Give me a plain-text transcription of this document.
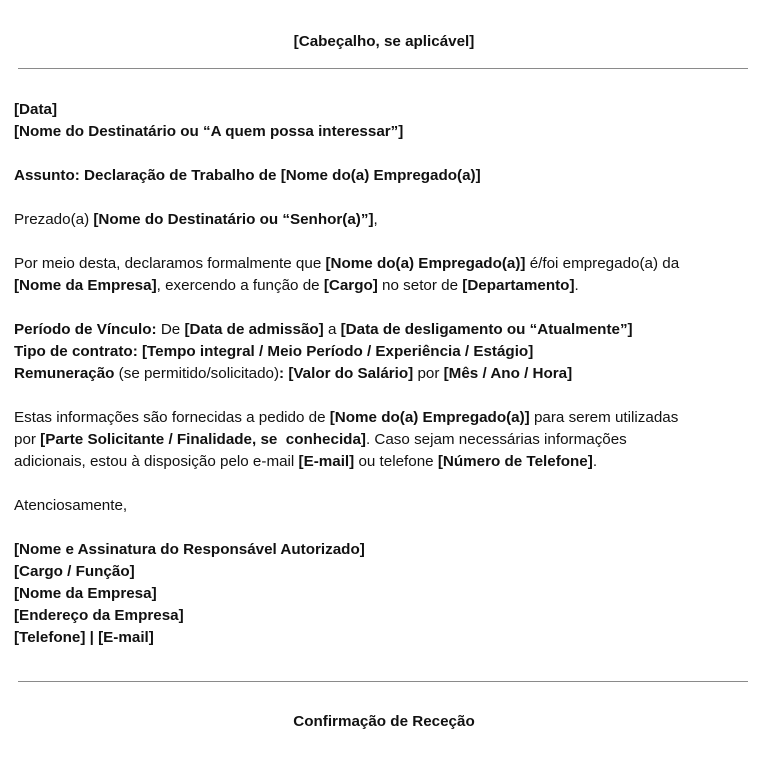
[Cabeçalho, se aplicável]
[Data]
[Nome do Destinatário ou “A quem possa interessar”]
Assunto: Declaração de Trabalho de [Nome do(a) Empregado(a)]
Prezado(a) [Nome do Destinatário ou “Senhor(a)”],
Por meio desta, declaramos formalmente que [Nome do(a) Empregado(a)] é/foi empregado(a) da
[Nome da Empresa], exercendo a função de [Cargo] no setor de [Departamento].
Período de Vínculo: De [Data de admissão] a [Data de desligamento ou “Atualmente”]
Tipo de contrato: [Tempo integral / Meio Período / Experiência / Estágio]
Remuneração (se permitido/solicitado): [Valor do Salário] por [Mês / Ano / Hora]
Estas informações são fornecidas a pedido de [Nome do(a) Empregado(a)] para serem utilizadas
por [Parte Solicitante / Finalidade, se  conhecida]. Caso sejam necessárias informações
adicionais, estou à disposição pelo e-mail [E-mail] ou telefone [Número de Telefone].
Atenciosamente,
[Nome e Assinatura do Responsável Autorizado]
[Cargo / Função]
[Nome da Empresa]
[Endereço da Empresa]
[Telefone] | [E-mail]
Confirmação de Receção
